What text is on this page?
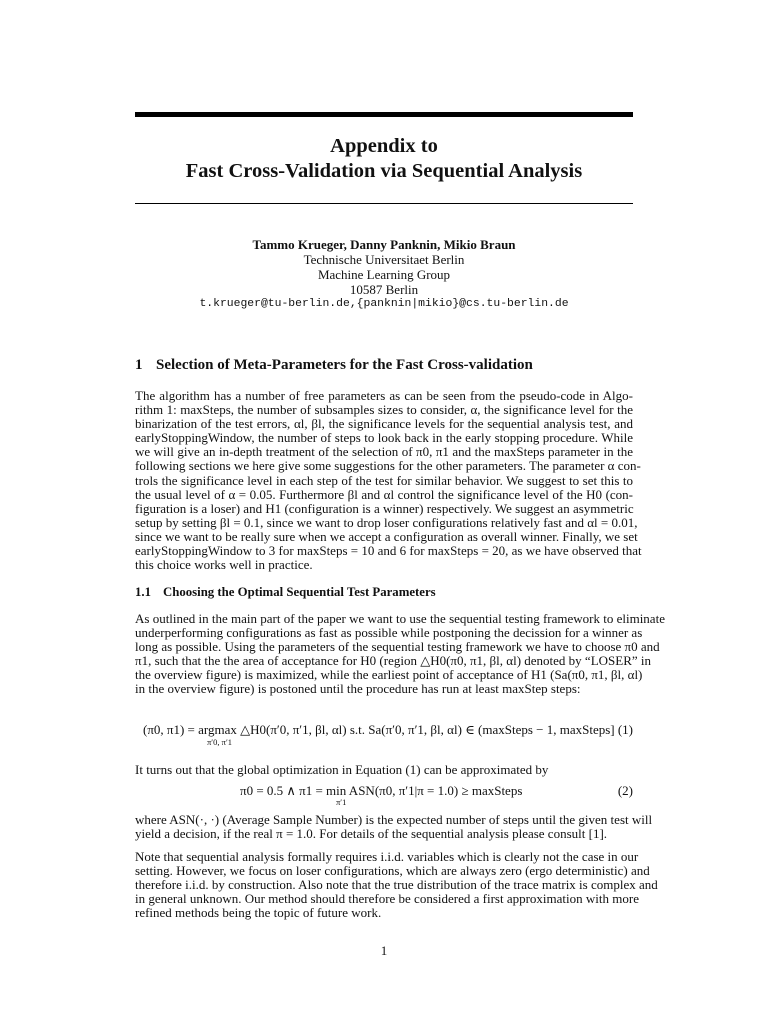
Appendix to
Fast Cross-Validation via Sequential Analysis
Tammo Krueger, Danny Panknin, Mikio Braun
Technische Universitaet Berlin
Machine Learning Group
10587 Berlin
t.krueger@tu-berlin.de,{panknin|mikio}@cs.tu-berlin.de
1 Selection of Meta-Parameters for the Fast Cross-validation
The algorithm has a number of free parameters as can be seen from the pseudo-code in Algo-
rithm 1: maxSteps, the number of subsamples sizes to consider, α, the significance level for the
binarization of the test errors, αl, βl, the significance levels for the sequential analysis test, and
earlyStoppingWindow, the number of steps to look back in the early stopping procedure. While
we will give an in-depth treatment of the selection of π0, π1 and the maxSteps parameter in the
following sections we here give some suggestions for the other parameters. The parameter α con-
trols the significance level in each step of the test for similar behavior. We suggest to set this to
the usual level of α = 0.05. Furthermore βl and αl control the significance level of the H0 (con-
figuration is a loser) and H1 (configuration is a winner) respectively. We suggest an asymmetric
setup by setting βl = 0.1, since we want to drop loser configurations relatively fast and αl = 0.01,
since we want to be really sure when we accept a configuration as overall winner. Finally, we set
earlyStoppingWindow to 3 for maxSteps = 10 and 6 for maxSteps = 20, as we have observed that
this choice works well in practice.
1.1 Choosing the Optimal Sequential Test Parameters
As outlined in the main part of the paper we want to use the sequential testing framework to eliminate
underperforming configurations as fast as possible while postponing the decission for a winner as
long as possible. Using the parameters of the sequential testing framework we have to choose π0 and
π1, such that the the area of acceptance for H0 (region △H0(π0, π1, βl, αl) denoted by “LOSER” in
the overview figure) is maximized, while the earliest point of acceptance of H1 (Sa(π0, π1, βl, αl)
in the overview figure) is postoned until the procedure has run at least maxStep steps:
(π0, π1) = argmax △H0(π′0, π′1, βl, αl) s.t. Sa(π′0, π′1, βl, αl) ∈ (maxSteps − 1, maxSteps]
π′0, π′1
(1)
It turns out that the global optimization in Equation (1) can be approximated by
π0 = 0.5 ∧ π1 = min ASN(π0, π′1|π = 1.0) ≥ maxSteps
π′1
(2)
where ASN(·, ·) (Average Sample Number) is the expected number of steps until the given test will
yield a decision, if the real π = 1.0. For details of the sequential analysis please consult [1].
Note that sequential analysis formally requires i.i.d. variables which is clearly not the case in our
setting. However, we focus on loser configurations, which are always zero (ergo deterministic) and
therefore i.i.d. by construction. Also note that the true distribution of the trace matrix is complex and
in general unknown. Our method should therefore be considered a first approximation with more
refined methods being the topic of future work.
1
